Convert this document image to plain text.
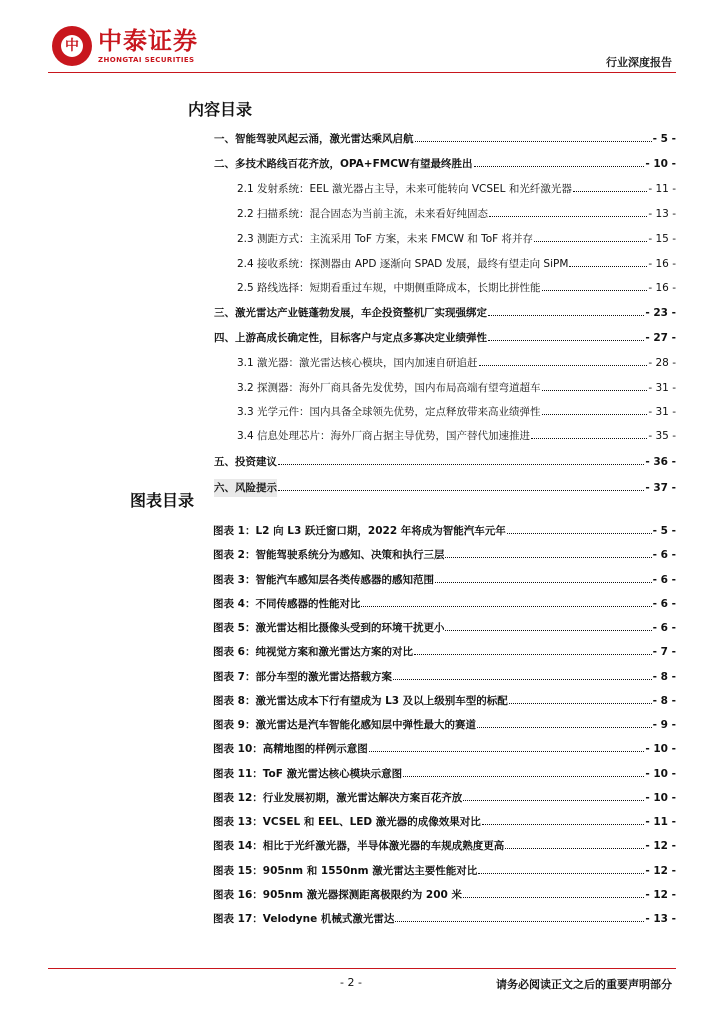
中 中泰证券
ZHONGTAI SECURITIES	行业深度报告
内容目录
一、智能驾驶风起云涌，激光雷达乘风启航	- 5 -
二、多技术路线百花齐放，OPA+FMCW有望最终胜出	- 10 -
2.1 发射系统：EEL 激光器占主导，未来可能转向 VCSEL 和光纤激光器	- 11 -
2.2 扫描系统：混合固态为当前主流，未来看好纯固态	- 13 -
2.3 测距方式：主流采用 ToF 方案，未来 FMCW 和 ToF 将并存	- 15 -
2.4 接收系统：探测器由 APD 逐渐向 SPAD 发展，最终有望走向 SiPM	- 16 -
2.5 路线选择：短期看重过车规，中期侧重降成本，长期比拼性能	- 16 -
三、激光雷达产业链蓬勃发展，车企投资整机厂实现强绑定	- 23 -
四、上游高成长确定性，目标客户与定点多寡决定业绩弹性	- 27 -
3.1 激光器：激光雷达核心模块，国内加速自研追赶	- 28 -
3.2 探测器：海外厂商具备先发优势，国内布局高端有望弯道超车	- 31 -
3.3 光学元件：国内具备全球领先优势，定点释放带来高业绩弹性	- 31 -
3.4 信息处理芯片：海外厂商占据主导优势，国产替代加速推进	- 35 -
五、投资建议	- 36 -
六、风险提示	- 37 -
图表目录
图表 1：L2 向 L3 跃迁窗口期，2022 年将成为智能汽车元年	- 5 -
图表 2：智能驾驶系统分为感知、决策和执行三层	- 6 -
图表 3：智能汽车感知层各类传感器的感知范围	- 6 -
图表 4：不同传感器的性能对比	- 6 -
图表 5：激光雷达相比摄像头受到的环境干扰更小	- 6 -
图表 6：纯视觉方案和激光雷达方案的对比	- 7 -
图表 7：部分车型的激光雷达搭载方案	- 8 -
图表 8：激光雷达成本下行有望成为 L3 及以上级别车型的标配	- 8 -
图表 9：激光雷达是汽车智能化感知层中弹性最大的赛道	- 9 -
图表 10：高精地图的样例示意图	- 10 -
图表 11：ToF 激光雷达核心模块示意图	- 10 -
图表 12：行业发展初期，激光雷达解决方案百花齐放	- 10 -
图表 13：VCSEL 和 EEL、LED 激光器的成像效果对比	- 11 -
图表 14：相比于光纤激光器，半导体激光器的车规成熟度更高	- 12 -
图表 15：905nm 和 1550nm 激光雷达主要性能对比	- 12 -
图表 16：905nm 激光器探测距离极限约为 200 米	- 12 -
图表 17：Velodyne 机械式激光雷达	- 13 -
- 2 -	请务必阅读正文之后的重要声明部分
